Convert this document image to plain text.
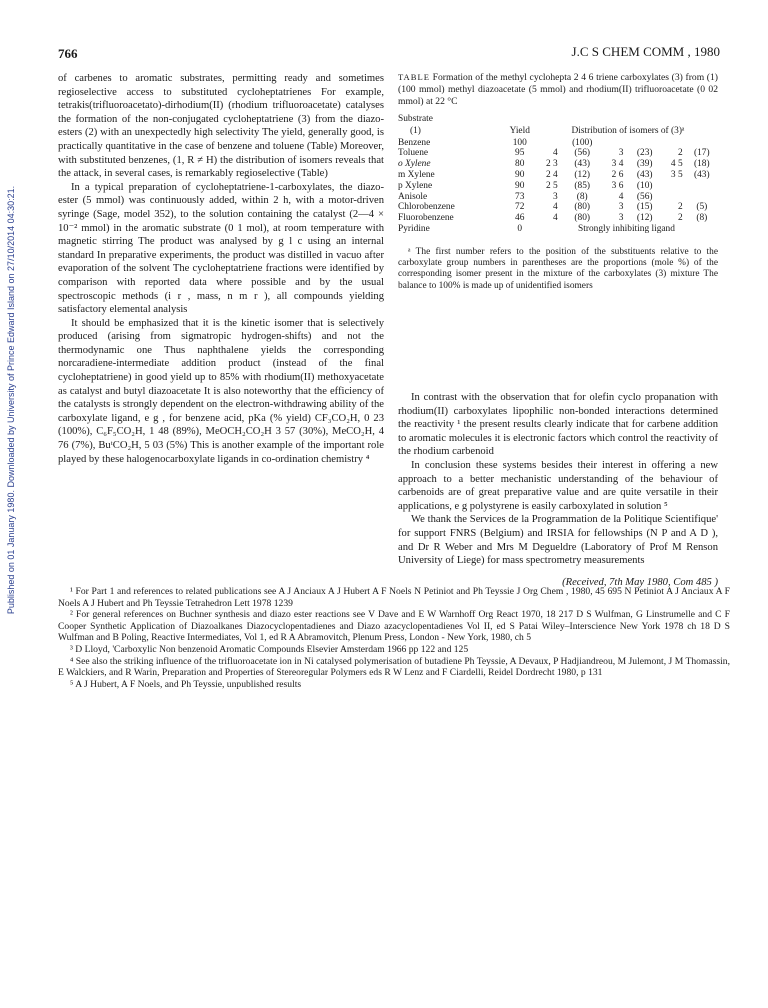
Published on 01 January 1980. Downloaded by University of Prince Edward Island on 27/10/2014 04:30:21.
766	J.C S CHEM COMM , 1980

of carbenes to aromatic substrates, permitting ready and sometimes regioselective access to substituted cycloheptatrienes For example, tetrakis(trifluoroacetato)-dirhodium(II) (rhodium trifluoroacetate) catalyses the formation of the non-conjugated cycloheptatriene (3) from the diazo-esters (2) with an unexpectedly high selectivity The yield, generally good, is practically quantitative in the case of benzene and toluene (Table) Moreover, with substituted benzenes, (1, R ≠ H) the distribution of isomers reveals that the attack, in several cases, is remarkably regioselective (Table)

In a typical preparation of cycloheptatriene-1-carboxylates, the diazo-ester (5 mmol) was continuously added, within 2 h, with a motor-driven syringe (Sage, model 352), to the solution containing the catalyst (2—4 × 10⁻² mmol) in the aromatic substrate (0 1 mol), at room temperature with magnetic stirring The product was analysed by g l c using an internal standard In preparative experiments, the product was distilled in vacuo after evaporation of the solvent The cycloheptatriene fractions were identified by comparison with reported data where possible and by the usual spectroscopic methods (i r , mass, n m r ), all compounds yielding satisfactory elemental analysis

It should be emphasized that it is the kinetic isomer that is selectively produced (arising from sigmatropic hydrogen-shifts) and not the thermodynamic one Thus naphthalene yields the corresponding norcaradiene-intermediate addition product (instead of the final cycloheptatriene) in good yield up to 85% with rhodium(II) methoxyacetate as catalyst and butyl diazoacetate It is also noteworthy that the efficiency of the catalysts is strongly dependent on the electron-withdrawing ability of the carboxylate ligand, e g , for benzene acid, pKa (% yield) CF₃CO₂H, 0 23 (100%), C₆F₅CO₂H, 1 48 (89%), MeOCH₂CO₂H 3 57 (30%), MeCO₂H, 4 76 (7%), BuᵗCO₂H, 5 03 (5%) This is another example of the important role played by these halogenocarboxylate ligands in co-ordination chemistry ⁴

TABLE Formation of the methyl cyclohepta 2 4 6 triene carboxylates (3) from (1) (100 mmol) methyl diazoacetate (5 mmol) and rhodium(II) trifluoroacetate (0 02 mmol) at 22 °C
Substrate							
(1)	Yield	Distribution of isomers of (3)ᵃ					
Benzene	100		(100)				
Toluene	95	4	(56)	3	(23)	2	(17)
o Xylene	80	2 3	(43)	3 4	(39)	4 5	(18)
m Xylene	90	2 4	(12)	2 6	(43)	3 5	(43)
p Xylene	90	2 5	(85)	3 6	(10)		
Anisole	73	3	(8)	4	(56)		
Chlorobenzene	72	4	(80)	3	(15)	2	(5)
Fluorobenzene	46	4	(80)	3	(12)	2	(8)
Pyridine	0	Strongly inhibiting ligand					
ᵃ The first number refers to the position of the substituents relative to the carboxylate group numbers in parentheses are the proportions (mole %) of the corresponding isomer present in the mixture of the carboxylates (3) mixture The balance to 100% is made up of unidentified isomers

In contrast with the observation that for olefin cyclo propanation with rhodium(II) carboxylates lipophilic non-bonded interactions determined the reactivity ¹ the present results clearly indicate that for carbene addition to aromatic molecules it is electronic factors which control the reactivity of the rhodium carbenoid

In conclusion these systems besides their interest in offering a new approach to a better mechanistic understanding of the behaviour of carbenoids are of great preparative value and are quite versatile in their applications, e g polystyrene is easily carboxylated in solution ⁵

We thank the Services de la Programmation de la Politique Scientifique' for support FNRS (Belgium) and IRSIA for fellowships (N P and A D ), and Dr R Weber and Mrs M Degueldre (Laboratory of Prof M Renson University of Liege) for mass spectrometry measurements

(Received, 7th May 1980, Com 485 )

¹ For Part 1 and references to related publications see A J Anciaux A J Hubert A F Noels N Petiniot and Ph Teyssie J Org Chem , 1980, 45 695 N Petiniot A J Anciaux A F Noels A J Hubert and Ph Teyssie Tetrahedron Lett 1978 1239

² For general references on Buchner synthesis and diazo ester reactions see V Dave and E W Warnhoff Org React 1970, 18 217 D S Wulfman, G Linstrumelle and C F Cooper Synthetic Application of Diazoalkanes Diazocyclopentadienes and Diazo azacyclopentadienes Vol II, ed S Patai Wiley–Interscience New York 1978 ch 18 D S Wulfman and B Poling, Reactive Intermediates, Vol 1, ed R A Abramovitch, Plenum Press, London - New York, 1980, ch 5

³ D Lloyd, 'Carboxylic Non benzenoid Aromatic Compounds Elsevier Amsterdam 1966 pp 122 and 125

⁴ See also the striking influence of the trifluoroacetate ion in Ni catalysed polymerisation of butadiene Ph Teyssie, A Devaux, P Hadjiandreou, M Julemont, J M Thomassin, E Walckiers, and R Warin, Preparation and Properties of Stereoregular Polymers eds R W Lenz and F Ciardelli, Reidel Dordrecht 1980, p 131

⁵ A J Hubert, A F Noels, and Ph Teyssie, unpublished results
